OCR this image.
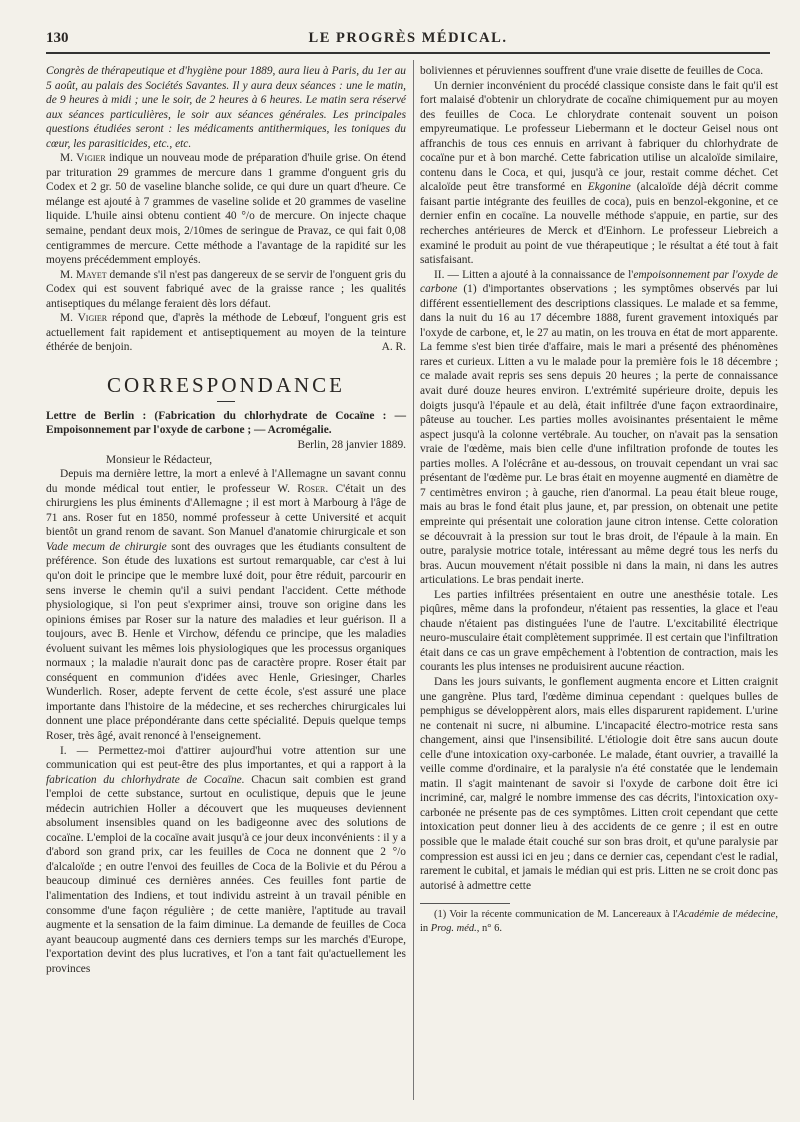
130	LE PROGRÈS MÉDICAL.

Congrès de thérapeutique et d'hygiène pour 1889, aura lieu à Paris, du 1er au 5 août, au palais des Sociétés Savantes. Il y aura deux séances : une le matin, de 9 heures à midi ; une le soir, de 2 heures à 6 heures. Le matin sera réservé aux séances particulières, le soir aux séances générales. Les principales questions étudiées seront : les médicaments antithermiques, les toniques du cœur, les parasiticides, etc., etc.

M. Vigier indique un nouveau mode de préparation d'huile grise. On étend par trituration 29 grammes de mercure dans 1 gramme d'onguent gris du Codex et 2 gr. 50 de vaseline blanche solide, ce qui dure un quart d'heure. Ce mélange est ajouté à 7 grammes de vaseline solide et 20 grammes de vaseline liquide. L'huile ainsi obtenu contient 40 °/o de mercure. On injecte chaque semaine, pendant deux mois, 2/10mes de seringue de Pravaz, ce qui fait 0,08 centigrammes de mercure. Cette méthode a l'avantage de la rapidité sur les moyens précédemment employés.

M. Mayet demande s'il n'est pas dangereux de se servir de l'onguent gris du Codex qui est souvent fabriqué avec de la graisse rance ; les qualités antiseptiques du mélange feraient dès lors défaut.

M. Vigier répond que, d'après la méthode de Lebœuf, l'onguent gris est actuellement fait rapidement et antiseptiquement au moyen de la teinture éthérée de benjoin.	A. R.

CORRESPONDANCE

Lettre de Berlin : (Fabrication du chlorhydrate de Cocaïne : — Empoisonnement par l'oxyde de carbone ; — Acromégalie.

Berlin, 28 janvier 1889.

Monsieur le Rédacteur,

Depuis ma dernière lettre, la mort a enlevé à l'Allemagne un savant connu du monde médical tout entier, le professeur W. Roser. C'était un des chirurgiens les plus éminents d'Allemagne ; il est mort à Marbourg à l'âge de 71 ans. Roser fut en 1850, nommé professeur à cette Université et acquit bientôt un grand renom de savant. Son Manuel d'anatomie chirurgicale et son Vade mecum de chirurgie sont des ouvrages que les étudiants consultent de préférence. Son étude des luxations est surtout remarquable, car c'est à lui qu'on doit le principe que le membre luxé doit, pour être réduit, parcourir en sens inverse le chemin qu'il a suivi pendant l'accident. Cette méthode physiologique, si l'on peut s'exprimer ainsi, trouve son origine dans les opinions émises par Roser sur la nature des maladies et leur guérison. Il a toujours, avec B. Henle et Virchow, défendu ce principe, que les maladies évoluent suivant les mêmes lois physiologiques que les processus organiques normaux ; la maladie n'aurait donc pas de caractère propre. Roser était par conséquent en communion d'idées avec Henle, Griesinger, Charles Wunderlich. Roser, adepte fervent de cette école, s'est assuré une place importante dans l'histoire de la médecine, et ses recherches chirurgicales lui donnent une place prépondérante dans cette spécialité. Depuis quelque temps Roser, très âgé, avait renoncé à l'enseignement.

I. — Permettez-moi d'attirer aujourd'hui votre attention sur une communication qui est peut-être des plus importantes, et qui a rapport à la fabrication du chlorhydrate de Cocaïne. Chacun sait combien est grand l'emploi de cette substance, surtout en oculistique, depuis que le jeune médecin autrichien Holler a découvert que les muqueuses deviennent absolument insensibles quand on les badigeonne avec des solutions de cocaïne. L'emploi de la cocaïne avait jusqu'à ce jour deux inconvénients : il y a d'abord son grand prix, car les feuilles de Coca ne donnent que 2 °/o d'alcaloïde ; en outre l'envoi des feuilles de Coca de la Bolivie et du Pérou a beaucoup diminué ces dernières années. Ces feuilles font partie de l'alimentation des Indiens, et tout individu astreint à un travail pénible en consomme d'une façon régulière ; de cette manière, l'aptitude au travail augmente et la sensation de la faim diminue. La demande de feuilles de Coca ayant beaucoup augmenté dans ces derniers temps sur les marchés d'Europe, l'exportation devint des plus lucratives, et l'on a tant fait qu'actuellement les provinces

boliviennes et péruviennes souffrent d'une vraie disette de feuilles de Coca.

Un dernier inconvénient du procédé classique consiste dans le fait qu'il est fort malaisé d'obtenir un chlorydrate de cocaïne chimiquement pur au moyen des feuilles de Coca. Le chlorydrate contenait souvent un poison empyreumatique. Le professeur Liebermann et le docteur Geisel nous ont affranchis de tous ces ennuis en arrivant à fabriquer du chlorhydrate de cocaïne pur et à bon marché. Cette fabrication utilise un alcaloïde similaire, contenu dans le Coca, et qui, jusqu'à ce jour, restait comme déchet. Cet alcaloïde peut être transformé en Ekgonine (alcaloïde déjà décrit comme faisant partie intégrante des feuilles de coca), puis en benzol-ekgonine, et ce dernier enfin en cocaïne. La nouvelle méthode s'appuie, en partie, sur des recherches antérieures de Merck et d'Einhorn. Le professeur Liebreich a examiné le produit au point de vue thérapeutique ; le résultat a été tout à fait satisfaisant.

II. — Litten a ajouté à la connaissance de l'empoisonnement par l'oxyde de carbone (1) d'importantes observations ; les symptômes observés par lui différent essentiellement des descriptions classiques. Le malade et sa femme, dans la nuit du 16 au 17 décembre 1888, furent gravement intoxiqués par l'oxyde de carbone, et, le 27 au matin, on les trouva en état de mort apparente. La femme s'est bien tirée d'affaire, mais le mari a présenté des phénomènes rares et curieux. Litten a vu le malade pour la première fois le 18 décembre ; ce malade avait repris ses sens depuis 20 heures ; la perte de connaissance avait duré douze heures environ. L'extrémité supérieure droite, depuis les doigts jusqu'à l'épaule et au delà, était infiltrée d'une façon extraordinaire, pâteuse au toucher. Les parties molles avoisinantes présentaient le même aspect jusqu'à la colonne vertébrale. Au toucher, on n'avait pas la sensation vraie de l'œdème, mais bien celle d'une infiltration profonde de toutes les parties molles. A l'olécrâne et au-dessous, on trouvait cependant un vrai sac présentant de l'œdème pur. Le bras était en moyenne augmenté en diamètre de 7 centimètres environ ; à gauche, rien d'anormal. La peau était bleue rouge, mais au bras le fond était plus jaune, et, par pression, on obtenait une petite empreinte qui présentait une coloration jaune citron intense. Cette coloration se découvrait à la pression sur tout le bras droit, de l'épaule à la main. En outre, paralysie motrice totale, intéressant au même degré tous les nerfs du bras. Aucun mouvement n'était possible ni dans la main, ni dans les autres articulations. Le bras pendait inerte.

Les parties infiltrées présentaient en outre une anesthésie totale. Les piqûres, même dans la profondeur, n'étaient pas ressenties, la glace et l'eau chaude n'étaient pas distinguées l'une de l'autre. L'excitabilité électrique neuro-musculaire était complètement supprimée. Il est certain que l'infiltration était dans ce cas un grave empêchement à l'obtention de contraction, mais les courants les plus intenses ne produisirent aucune réaction.

Dans les jours suivants, le gonflement augmenta encore et Litten craignit une gangrène. Plus tard, l'œdème diminua cependant : quelques bulles de pemphigus se développèrent alors, mais elles disparurent rapidement. L'urine ne contenait ni sucre, ni albumine. L'incapacité électro-motrice resta sans changement, ainsi que l'insensibilité. L'étiologie doit être sans aucun doute celle d'une intoxication oxy-carbonée. Le malade, étant ouvrier, a travaillé la veille comme d'ordinaire, et la paralysie n'a été constatée que le lendemain matin. Il s'agit maintenant de savoir si l'oxyde de carbone doit être ici incriminé, car, malgré le nombre immense des cas décrits, l'intoxication oxy-carbonée ne présente pas de ces symptômes. Litten croit cependant que cette intoxication peut donner lieu à des accidents de ce genre ; il est en outre possible que le malade était couché sur son bras droit, et qu'une paralysie par compression est aussi ici en jeu ; dans ce dernier cas, cependant c'est le radial, rarement le cubital, et jamais le médian qui est pris. Litten ne se croit donc pas autorisé à admettre cette

(1) Voir la récente communication de M. Lancereaux à l'Académie de médecine, in Prog. méd., n° 6.
